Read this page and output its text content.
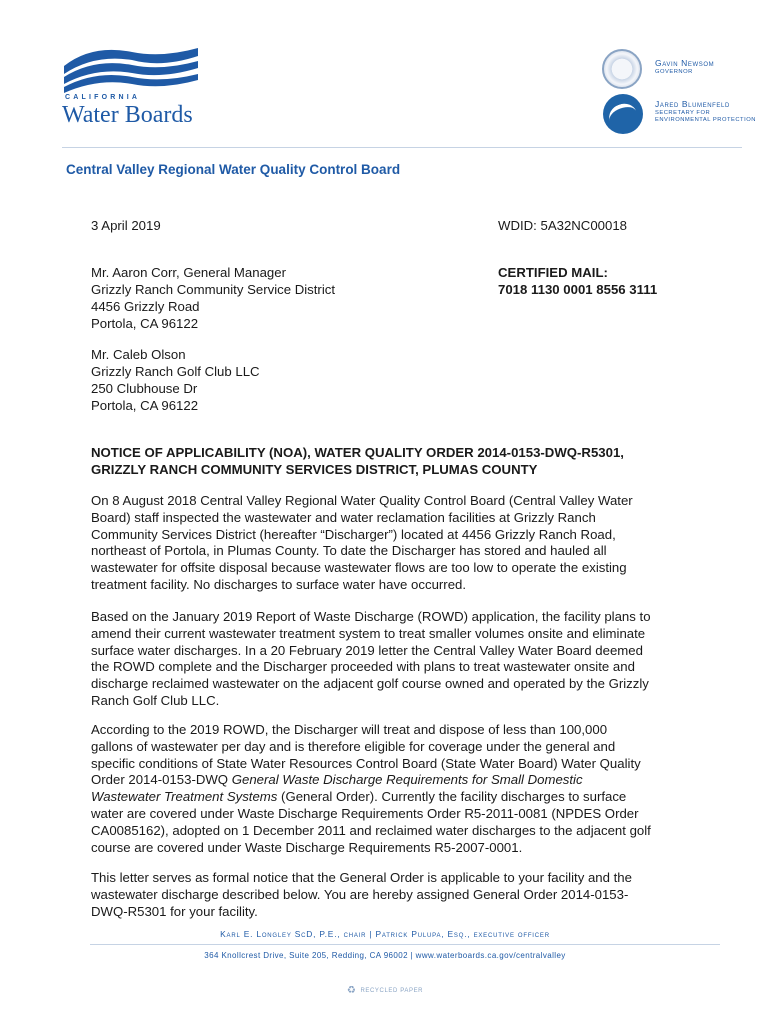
CALIFORNIA
Water Boards
Gavin Newsom
GOVERNOR
Jared Blumenfeld
SECRETARY FOR
ENVIRONMENTAL PROTECTION
Central Valley Regional Water Quality Control Board
3 April 2019	WDID: 5A32NC00018
Mr. Aaron Corr, General Manager
Grizzly Ranch Community Service District
4456 Grizzly Road
Portola, CA 96122
CERTIFIED MAIL:
7018 1130 0001 8556 3111
Mr. Caleb Olson
Grizzly Ranch Golf Club LLC
250 Clubhouse Dr
Portola, CA 96122
NOTICE OF APPLICABILITY (NOA), WATER QUALITY ORDER 2014-0153-DWQ-R5301,
GRIZZLY RANCH COMMUNITY SERVICES DISTRICT, PLUMAS COUNTY

On 8 August 2018 Central Valley Regional Water Quality Control Board (Central Valley Water
Board) staff inspected the wastewater and water reclamation facilities at Grizzly Ranch
Community Services District (hereafter “Discharger”) located at 4456 Grizzly Ranch Road,
northeast of Portola, in Plumas County. To date the Discharger has stored and hauled all
wastewater for offsite disposal because wastewater flows are too low to operate the existing
treatment facility. No discharges to surface water have occurred.

Based on the January 2019 Report of Waste Discharge (ROWD) application, the facility plans to
amend their current wastewater treatment system to treat smaller volumes onsite and eliminate
surface water discharges. In a 20 February 2019 letter the Central Valley Water Board deemed
the ROWD complete and the Discharger proceeded with plans to treat wastewater onsite and
discharge reclaimed wastewater on the adjacent golf course owned and operated by the Grizzly
Ranch Golf Club LLC.

According to the 2019 ROWD, the Discharger will treat and dispose of less than 100,000
gallons of wastewater per day and is therefore eligible for coverage under the general and
specific conditions of State Water Resources Control Board (State Water Board) Water Quality
Order 2014-0153-DWQ General Waste Discharge Requirements for Small Domestic
Wastewater Treatment Systems (General Order). Currently the facility discharges to surface
water are covered under Waste Discharge Requirements Order R5-2011-0081 (NPDES Order
CA0085162), adopted on 1 December 2011 and reclaimed water discharges to the adjacent golf
course are covered under Waste Discharge Requirements R5-2007-0001.

This letter serves as formal notice that the General Order is applicable to your facility and the
wastewater discharge described below. You are hereby assigned General Order 2014-0153-
DWQ-R5301 for your facility.

Karl E. Longley ScD, P.E., chair | Patrick Pulupa, Esq., executive officer
364 Knollcrest Drive, Suite 205, Redding, CA 96002 | www.waterboards.ca.gov/centralvalley
♻ RECYCLED PAPER
